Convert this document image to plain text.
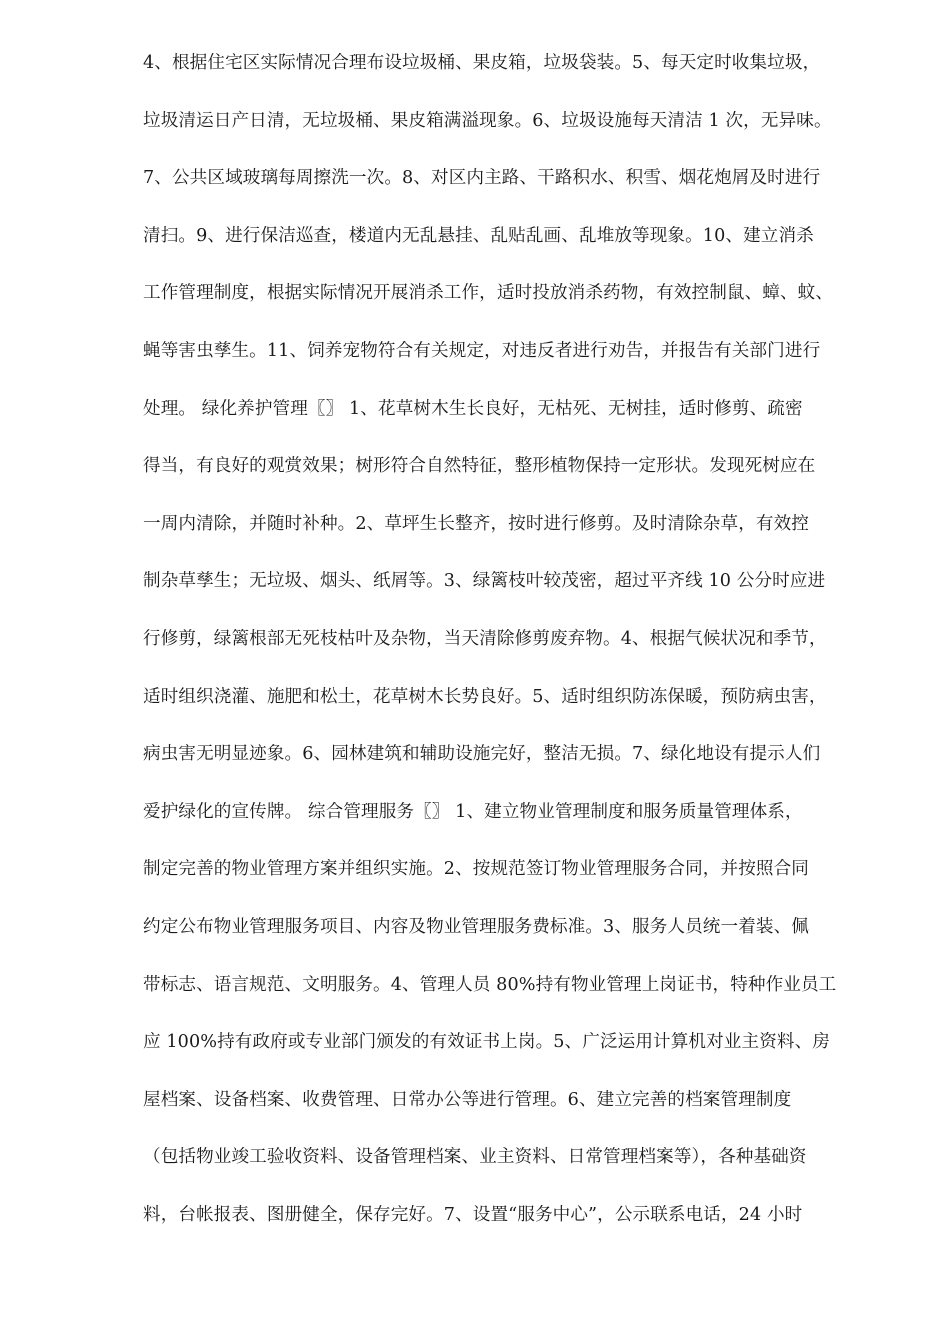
4、根据住宅区实际情况合理布设垃圾桶、果皮箱，垃圾袋装。5、每天定时收集垃圾，
垃圾清运日产日清，无垃圾桶、果皮箱满溢现象。6、垃圾设施每天清洁 1 次，无异味。
7、公共区域玻璃每周擦洗一次。8、对区内主路、干路积水、积雪、烟花炮屑及时进行
清扫。9、进行保洁巡查，楼道内无乱悬挂、乱贴乱画、乱堆放等现象。10、建立消杀
工作管理制度，根据实际情况开展消杀工作，适时投放消杀药物，有效控制鼠、蟑、蚊、
蝇等害虫孳生。11、饲养宠物符合有关规定，对违反者进行劝告，并报告有关部门进行
处理。 绿化养护管理〖〗 1、花草树木生长良好，无枯死、无树挂，适时修剪、疏密
得当，有良好的观赏效果；树形符合自然特征，整形植物保持一定形状。发现死树应在
一周内清除，并随时补种。2、草坪生长整齐，按时进行修剪。及时清除杂草，有效控
制杂草孳生；无垃圾、烟头、纸屑等。3、绿篱枝叶较茂密，超过平齐线 10 公分时应进
行修剪，绿篱根部无死枝枯叶及杂物，当天清除修剪废弃物。4、根据气候状况和季节，
适时组织浇灌、施肥和松土，花草树木长势良好。5、适时组织防冻保暖，预防病虫害，
病虫害无明显迹象。6、园林建筑和辅助设施完好，整洁无损。7、绿化地设有提示人们
爱护绿化的宣传牌。 综合管理服务〖〗 1、建立物业管理制度和服务质量管理体系，
制定完善的物业管理方案并组织实施。2、按规范签订物业管理服务合同，并按照合同
约定公布物业管理服务项目、内容及物业管理服务费标准。3、服务人员统一着装、佩
带标志、语言规范、文明服务。4、管理人员 80%持有物业管理上岗证书，特种作业员工
应 100%持有政府或专业部门颁发的有效证书上岗。5、广泛运用计算机对业主资料、房
屋档案、设备档案、收费管理、日常办公等进行管理。6、建立完善的档案管理制度
（包括物业竣工验收资料、设备管理档案、业主资料、日常管理档案等），各种基础资
料，台帐报表、图册健全，保存完好。7、设置“服务中心”，公示联系电话，24 小时
